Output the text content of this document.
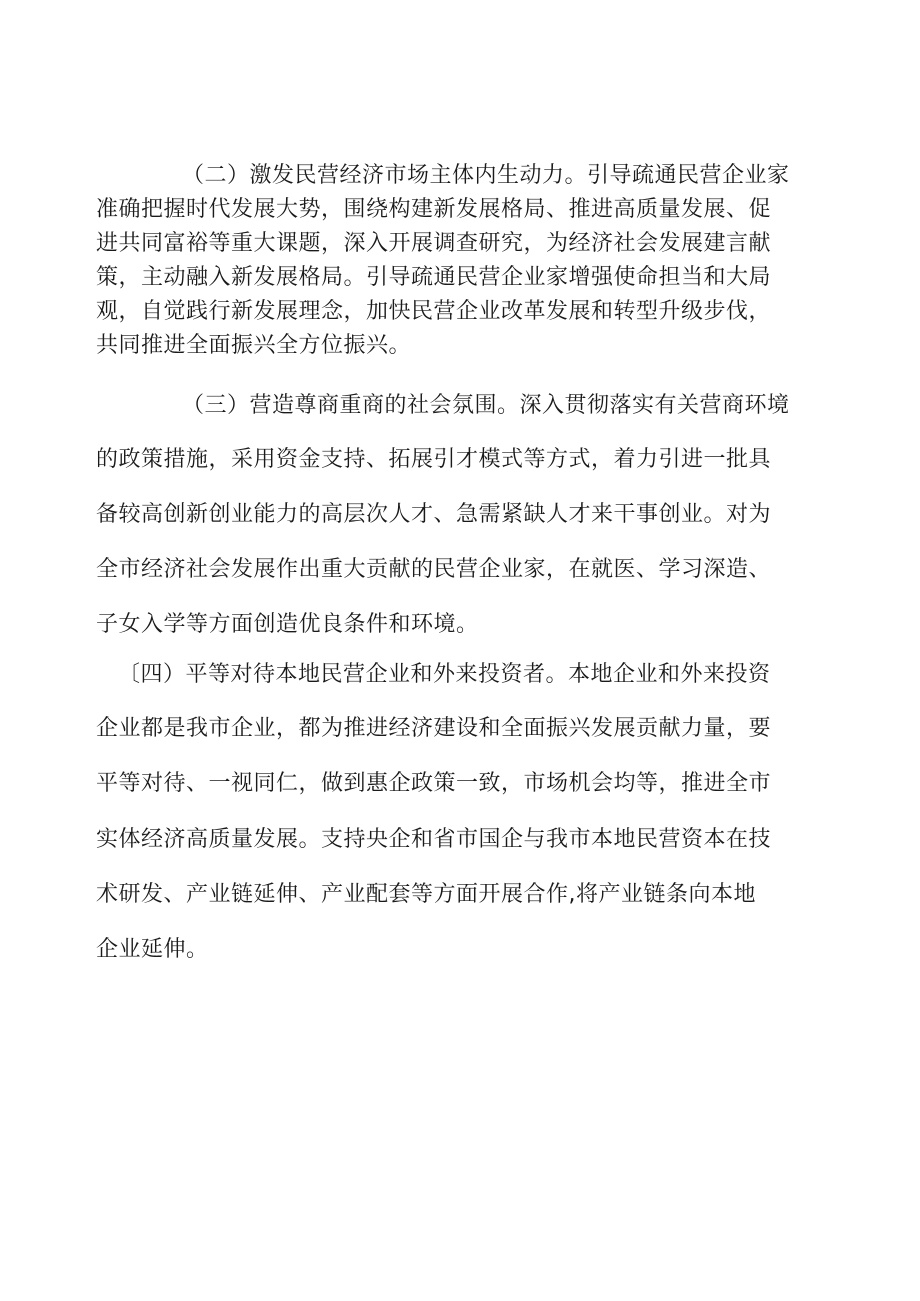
（二）激发民营经济市场主体内生动力。引导疏通民营企业家
准确把握时代发展大势，围绕构建新发展格局、推进高质量发展、促
进共同富裕等重大课题，深入开展调查研究，为经济社会发展建言献
策，主动融入新发展格局。引导疏通民营企业家增强使命担当和大局
观，自觉践行新发展理念，加快民营企业改革发展和转型升级步伐，
共同推进全面振兴全方位振兴。
（三）营造尊商重商的社会氛围。深入贯彻落实有关营商环境
的政策措施，采用资金支持、拓展引才模式等方式，着力引进一批具
备较高创新创业能力的高层次人才、急需紧缺人才来干事创业。对为
全市经济社会发展作出重大贡献的民营企业家，在就医、学习深造、
子女入学等方面创造优良条件和环境。
〔四）平等对待本地民营企业和外来投资者。本地企业和外来投资
企业都是我市企业，都为推进经济建设和全面振兴发展贡献力量，要
平等对待、一视同仁，做到惠企政策一致，市场机会均等，推进全市
实体经济高质量发展。支持央企和省市国企与我市本地民营资本在技
术研发、产业链延伸、产业配套等方面开展合作,将产业链条向本地
企业延伸。
